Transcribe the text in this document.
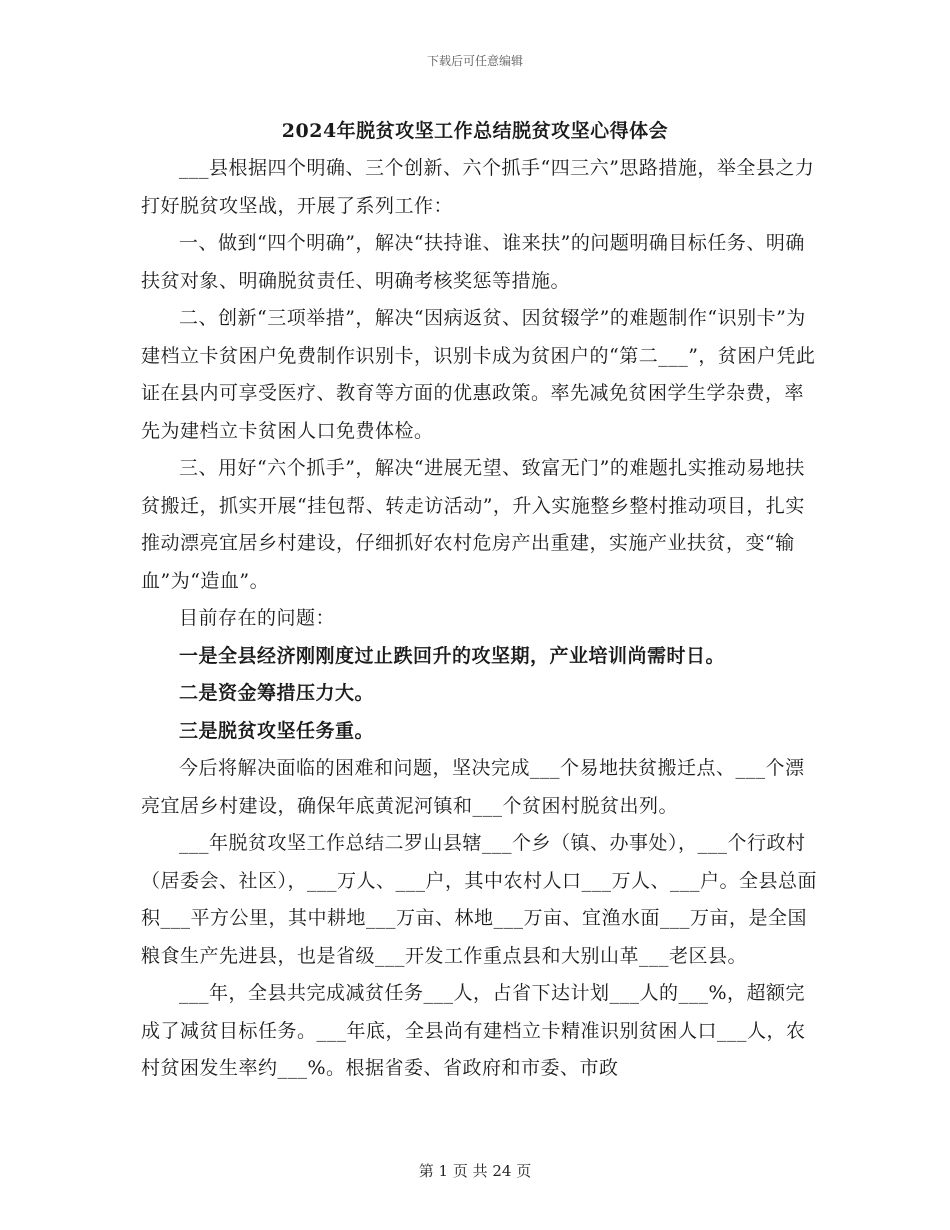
下载后可任意编辑
2024年脱贫攻坚工作总结脱贫攻坚心得体会

___县根据四个明确、三个创新、六个抓手“四三六”思路措施，举全县之力打好脱贫攻坚战，开展了系列工作：

一、做到“四个明确”，解决“扶持谁、谁来扶”的问题明确目标任务、明确扶贫对象、明确脱贫责任、明确考核奖惩等措施。

二、创新“三项举措”，解决“因病返贫、因贫辍学”的难题制作“识别卡”为建档立卡贫困户免费制作识别卡，识别卡成为贫困户的“第二___”，贫困户凭此证在县内可享受医疗、教育等方面的优惠政策。率先减免贫困学生学杂费，率先为建档立卡贫困人口免费体检。

三、用好“六个抓手”，解决“进展无望、致富无门”的难题扎实推动易地扶贫搬迁，抓实开展“挂包帮、转走访活动”，升入实施整乡整村推动项目，扎实推动漂亮宜居乡村建设，仔细抓好农村危房产出重建，实施产业扶贫，变“输血”为“造血”。

目前存在的问题：

一是全县经济刚刚度过止跌回升的攻坚期，产业培训尚需时日。

二是资金筹措压力大。

三是脱贫攻坚任务重。

今后将解决面临的困难和问题，坚决完成___个易地扶贫搬迁点、___个漂亮宜居乡村建设，确保年底黄泥河镇和___个贫困村脱贫出列。

___年脱贫攻坚工作总结二罗山县辖___个乡（镇、办事处），___个行政村（居委会、社区），___万人、___户，其中农村人口___万人、___户。全县总面积___平方公里，其中耕地___万亩、林地___万亩、宜渔水面___万亩，是全国粮食生产先进县，也是省级___开发工作重点县和大别山革___老区县。

___年，全县共完成减贫任务___人，占省下达计划___人的___%，超额完成了减贫目标任务。___年底，全县尚有建档立卡精准识别贫困人口___人，农村贫困发生率约___%。根据省委、省政府和市委、市政

第 1 页 共 24 页
